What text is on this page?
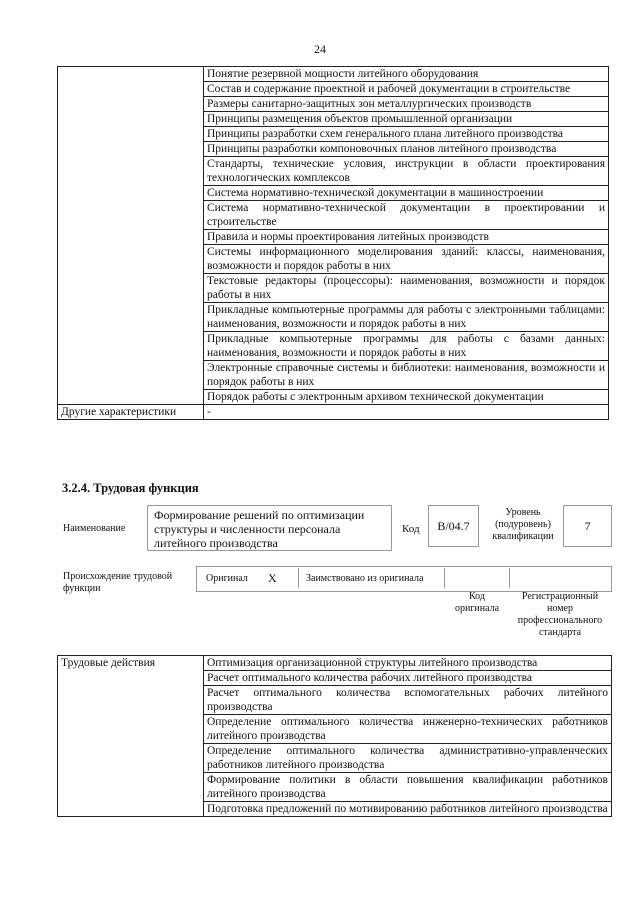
24
	Понятие резервной мощности литейного оборудования
	Состав и содержание проектной и рабочей документации в строительстве
	Размеры санитарно-защитных зон металлургических производств
	Принципы размещения объектов промышленной организации
	Принципы разработки схем генерального плана литейного производства
	Принципы разработки компоновочных планов литейного производства
	Стандарты, технические условия, инструкции в области проектирования технологических комплексов
	Система нормативно-технической документации в машиностроении
	Система нормативно-технической документации в проектировании и строительстве
	Правила и нормы проектирования литейных производств
	Системы информационного моделирования зданий: классы, наименования, возможности и порядок работы в них
	Текстовые редакторы (процессоры): наименования, возможности и порядок работы в них
	Прикладные компьютерные программы для работы с электронными таблицами: наименования, возможности и порядок работы в них
	Прикладные компьютерные программы для работы с базами данных: наименования, возможности и порядок работы в них
	Электронные справочные системы и библиотеки: наименования, возможности и порядок работы в них
	Порядок работы с электронным архивом технической документации
Другие характеристики	-
3.2.4. Трудовая функция
Наименование
Формирование решений по оптимизации структуры и численности персонала литейного производства
Код	B/04.7
Уровень (подуровень) квалификации
7
Происхождение трудовой функции
Оригинал X	Заимствовано из оригинала
Код оригинала
Регистрационный номер профессионального стандарта
Трудовые действия	Оптимизация организационной структуры литейного производства
Расчет оптимального количества рабочих литейного производства
Расчет оптимального количества вспомогательных рабочих литейного производства
Определение оптимального количества инженерно-технических работников литейного производства
Определение оптимального количества административно-управленческих работников литейного производства
Формирование политики в области повышения квалификации работников литейного производства
Подготовка предложений по мотивированию работников литейного производства
